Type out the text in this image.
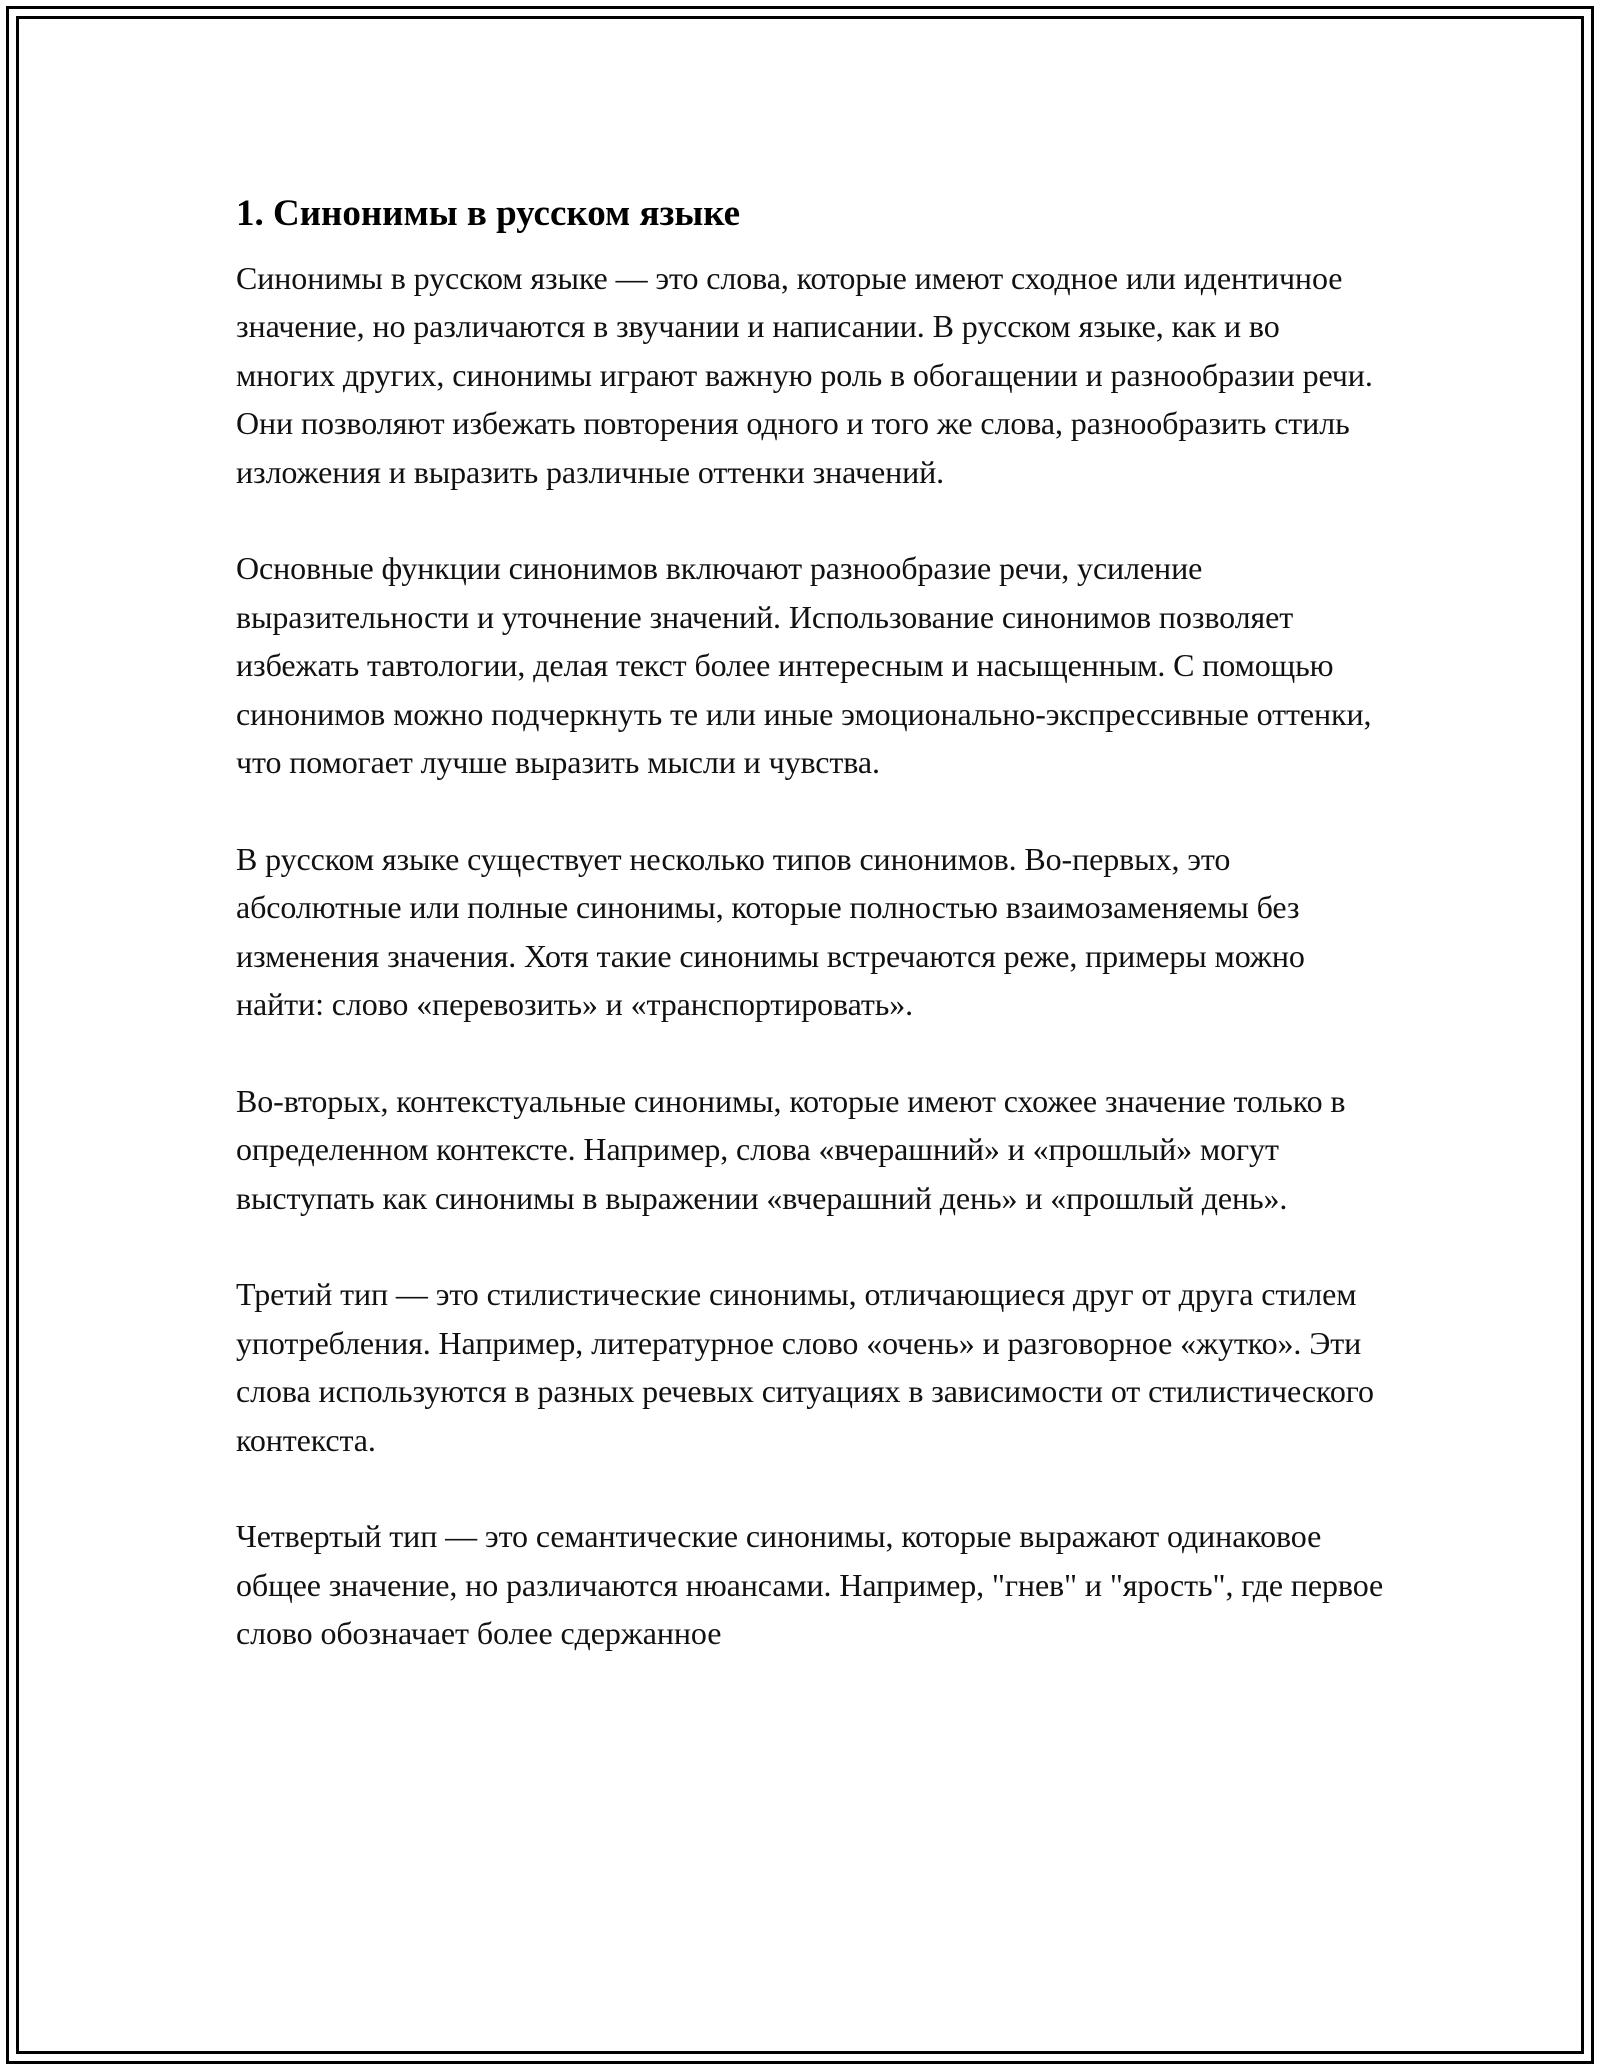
1. Синонимы в русском языке

Синонимы в русском языке — это слова, которые имеют сходное или идентичное значение, но различаются в звучании и написании. В русском языке, как и во многих других, синонимы играют важную роль в обогащении и разнообразии речи. Они позволяют избежать повторения одного и того же слова, разнообразить стиль изложения и выразить различные оттенки значений.

Основные функции синонимов включают разнообразие речи, усиление выразительности и уточнение значений. Использование синонимов позволяет избежать тавтологии, делая текст более интересным и насыщенным. С помощью синонимов можно подчеркнуть те или иные эмоционально-экспрессивные оттенки, что помогает лучше выразить мысли и чувства.

В русском языке существует несколько типов синонимов. Во-первых, это абсолютные или полные синонимы, которые полностью взаимозаменяемы без изменения значения. Хотя такие синонимы встречаются реже, примеры можно найти: слово «перевозить» и «транспортировать».

Во-вторых, контекстуальные синонимы, которые имеют схожее значение только в определенном контексте. Например, слова «вчерашний» и «прошлый» могут выступать как синонимы в выражении «вчерашний день» и «прошлый день».

Третий тип — это стилистические синонимы, отличающиеся друг от друга стилем употребления. Например, литературное слово «очень» и разговорное «жутко». Эти слова используются в разных речевых ситуациях в зависимости от стилистического контекста.

Четвертый тип — это семантические синонимы, которые выражают одинаковое общее значение, но различаются нюансами. Например, "гнев" и "ярость", где первое слово обозначает более сдержанное
